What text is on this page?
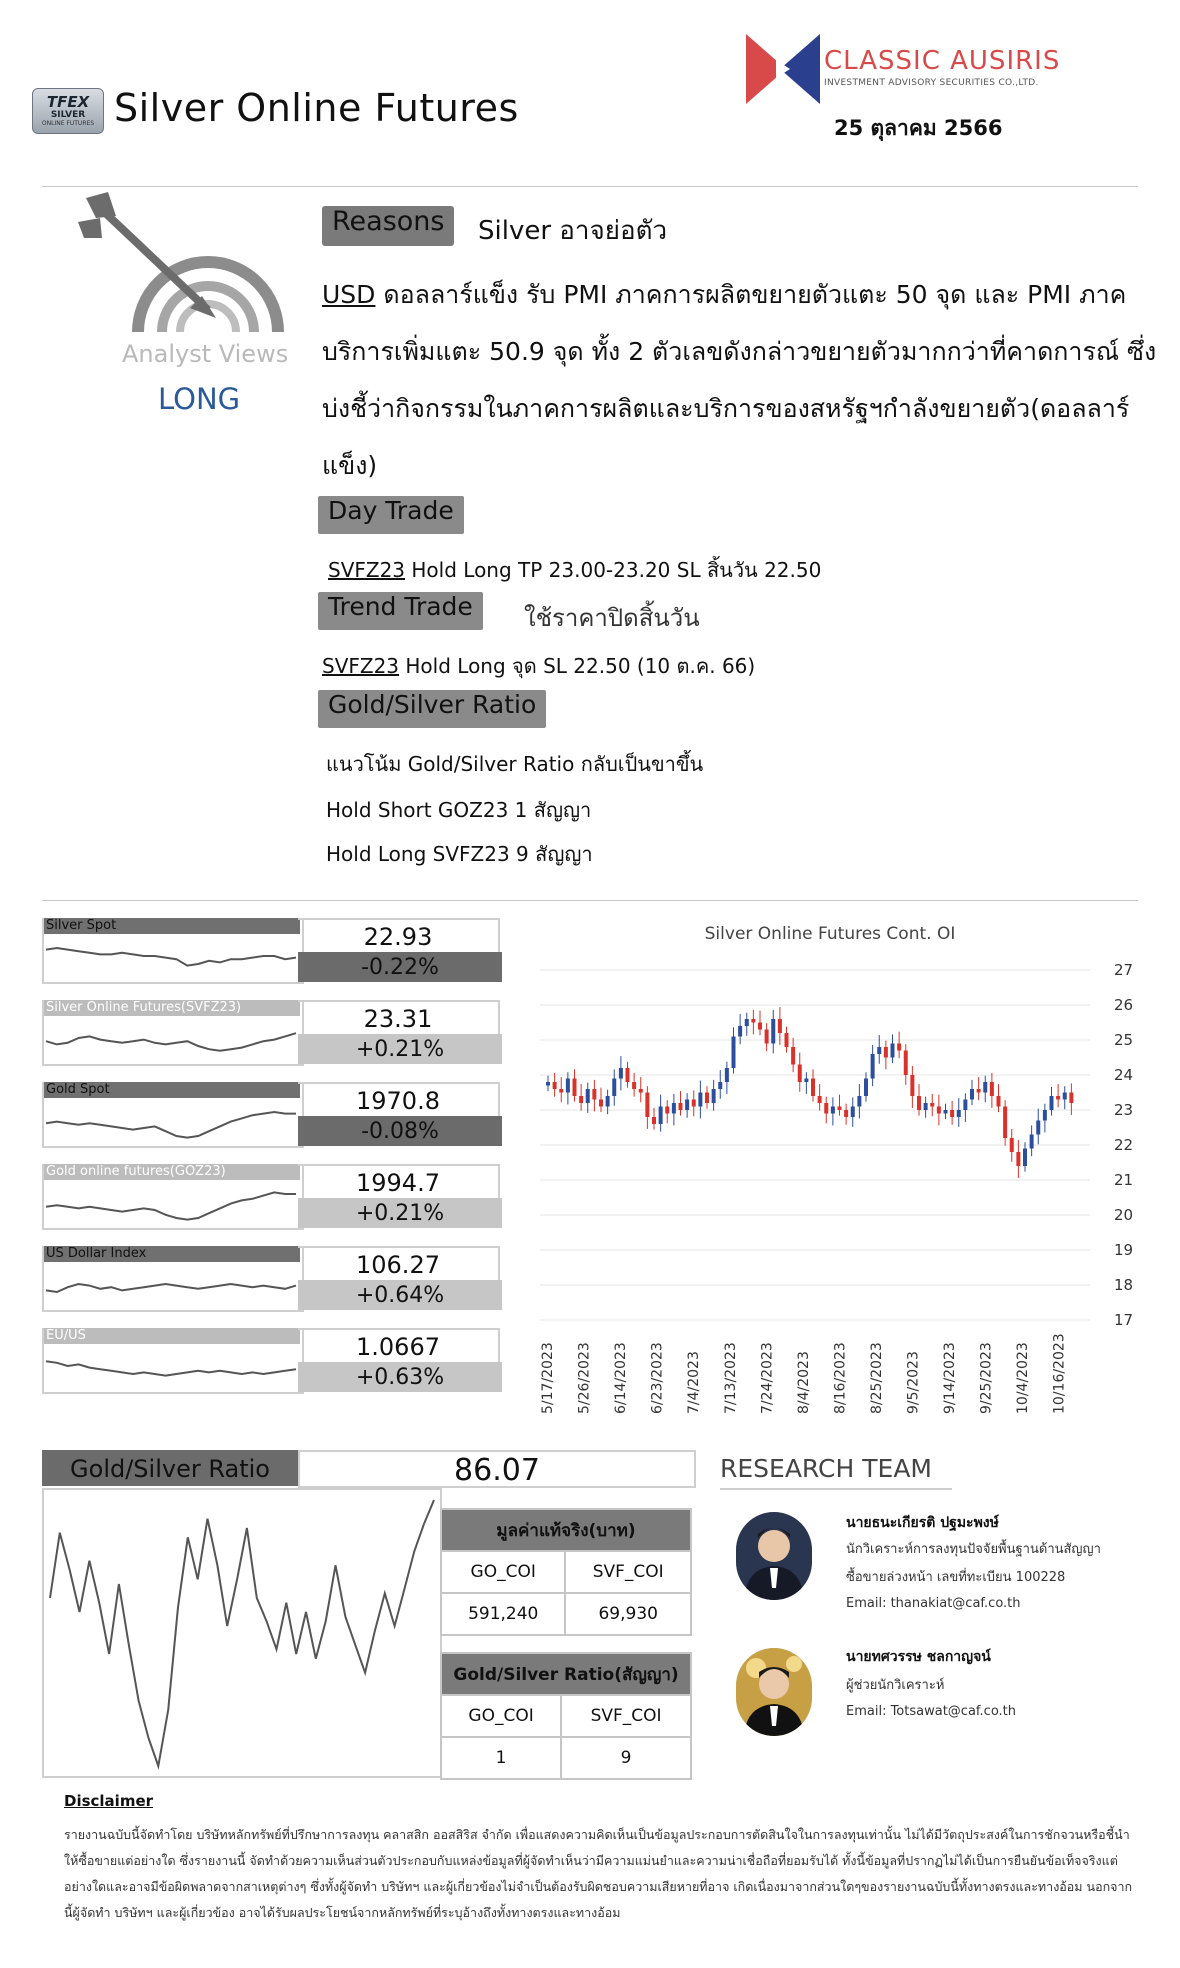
TFEX
SILVER
ONLINE FUTURES Silver Online Futures
CLASSIC AUSIRIS
INVESTMENT ADVISORY SECURITIES CO.,LTD.
25 ตุลาคม 2566
Analyst Views
LONG
Reasons	Silver อาจย่อตัว
USD ดอลลาร์แข็ง รับ PMI ภาคการผลิตขยายตัวแตะ 50 จุด และ PMI ภาคบริการเพิ่มแตะ 50.9 จุด ทั้ง 2 ตัวเลขดังกล่าวขยายตัวมากกว่าที่คาดการณ์ ซึ่งบ่งชี้ว่ากิจกรรมในภาคการผลิตและบริการของสหรัฐฯกำลังขยายตัว(ดอลลาร์แข็ง)
Day Trade
SVFZ23 Hold Long TP 23.00-23.20 SL สิ้นวัน 22.50
Trend Trade	ใช้ราคาปิดสิ้นวัน
SVFZ23 Hold Long จุด SL 22.50 (10 ต.ค. 66)
Gold/Silver Ratio
แนวโน้ม Gold/Silver Ratio กลับเป็นขาขึ้น
Hold Short GOZ23 1 สัญญา
Hold Long SVFZ23 9 สัญญา
Silver Spot	22.93
-0.22%
Silver Online Futures(SVFZ23)	23.31
+0.21%
Gold Spot	1970.8
-0.08%
Gold online futures(GOZ23)	1994.7
+0.21%
US Dollar Index	106.27
+0.64%
EU/US	1.0667
+0.63%
Silver Online Futures Cont. OI
27
26
25
24
23
22
21
20
19
18
17
5/17/2023 5/26/2023 6/14/2023 6/23/2023 7/4/2023 7/13/2023 7/24/2023 8/4/2023 8/16/2023 8/25/2023 9/5/2023 9/14/2023 9/25/2023 10/4/2023 10/16/2023
Gold/Silver Ratio	86.07
มูลค่าแท้จริง(บาท)	
GO_COI	SVF_COI
591,240	69,930
Gold/Silver Ratio(สัญญา)	
GO_COI	SVF_COI
1	9
RESEARCH TEAM
นายธนะเกียรติ ปฐมะพงษ์
นักวิเคราะห์การลงทุนปัจจัยพื้นฐานด้านสัญญา
ซื้อขายล่วงหน้า เลขที่ทะเบียน 100228
Email: thanakiat@caf.co.th
นายทศวรรษ ชลกาญจน์
ผู้ช่วยนักวิเคราะห์
Email: Totsawat@caf.co.th
Disclaimer
รายงานฉบับนี้จัดทำโดย บริษัทหลักทรัพย์ที่ปรึกษาการลงทุน คลาสสิก ออสสิริส จำกัด เพื่อแสดงความคิดเห็นเป็นข้อมูลประกอบการตัดสินใจในการลงทุนเท่านั้น ไม่ได้มีวัตถุประสงค์ในการชักจวนหรือชี้นำให้ซื้อขายแต่อย่างใด ซึ่งรายงานนี้ จัดทำด้วยความเห็นส่วนตัวประกอบกับแหล่งข้อมูลที่ผู้จัดทำเห็นว่ามีความแม่นยำและความน่าเชื่อถือที่ยอมรับได้ ทั้งนี้ข้อมูลที่ปรากฏไม่ได้เป็นการยืนยันข้อเท็จจริงแต่อย่างใดและอาจมีข้อผิดพลาดจากสาเหตุต่างๆ ซึ่งทั้งผู้จัดทำ บริษัทฯ และผู้เกี่ยวข้องไม่จำเป็นต้องรับผิดชอบความเสียหายที่อาจ เกิดเนื่องมาจากส่วนใดๆของรายงานฉบับนี้ทั้งทางตรงและทางอ้อม นอกจากนี้ผู้จัดทำ บริษัทฯ และผู้เกี่ยวข้อง อาจได้รับผลประโยชน์จากหลักทรัพย์ที่ระบุอ้างถึงทั้งทางตรงและทางอ้อม
